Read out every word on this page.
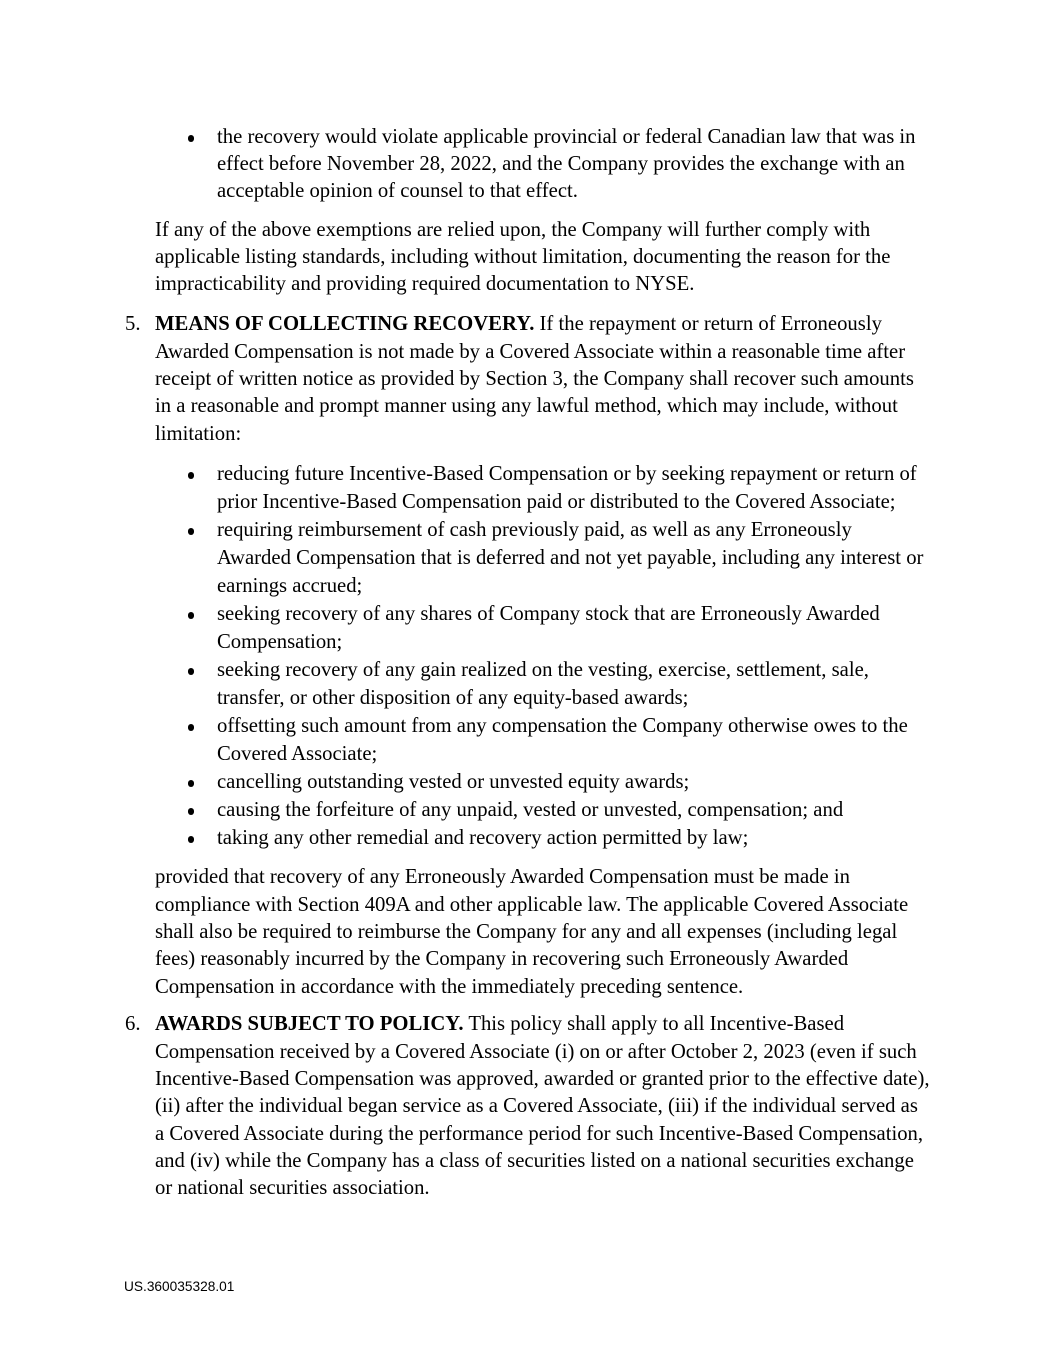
the recovery would violate applicable provincial or federal Canadian law that was in
effect before November 28, 2022, and the Company provides the exchange with an
acceptable opinion of counsel to that effect.
If any of the above exemptions are relied upon, the Company will further comply with
applicable listing standards, including without limitation, documenting the reason for the
impracticability and providing required documentation to NYSE.
5. MEANS OF COLLECTING RECOVERY. If the repayment or return of Erroneously
Awarded Compensation is not made by a Covered Associate within a reasonable time after
receipt of written notice as provided by Section 3, the Company shall recover such amounts
in a reasonable and prompt manner using any lawful method, which may include, without
limitation:
reducing future Incentive-Based Compensation or by seeking repayment or return of
prior Incentive-Based Compensation paid or distributed to the Covered Associate;
requiring reimbursement of cash previously paid, as well as any Erroneously
Awarded Compensation that is deferred and not yet payable, including any interest or
earnings accrued;
seeking recovery of any shares of Company stock that are Erroneously Awarded
Compensation;
seeking recovery of any gain realized on the vesting, exercise, settlement, sale,
transfer, or other disposition of any equity-based awards;
offsetting such amount from any compensation the Company otherwise owes to the
Covered Associate;
cancelling outstanding vested or unvested equity awards;
causing the forfeiture of any unpaid, vested or unvested, compensation; and
taking any other remedial and recovery action permitted by law;
provided that recovery of any Erroneously Awarded Compensation must be made in
compliance with Section 409A and other applicable law. The applicable Covered Associate
shall also be required to reimburse the Company for any and all expenses (including legal
fees) reasonably incurred by the Company in recovering such Erroneously Awarded
Compensation in accordance with the immediately preceding sentence.
6. AWARDS SUBJECT TO POLICY. This policy shall apply to all Incentive-Based
Compensation received by a Covered Associate (i) on or after October 2, 2023 (even if such
Incentive-Based Compensation was approved, awarded or granted prior to the effective date),
(ii) after the individual began service as a Covered Associate, (iii) if the individual served as
a Covered Associate during the performance period for such Incentive-Based Compensation,
and (iv) while the Company has a class of securities listed on a national securities exchange
or national securities association.
US.360035328.01
